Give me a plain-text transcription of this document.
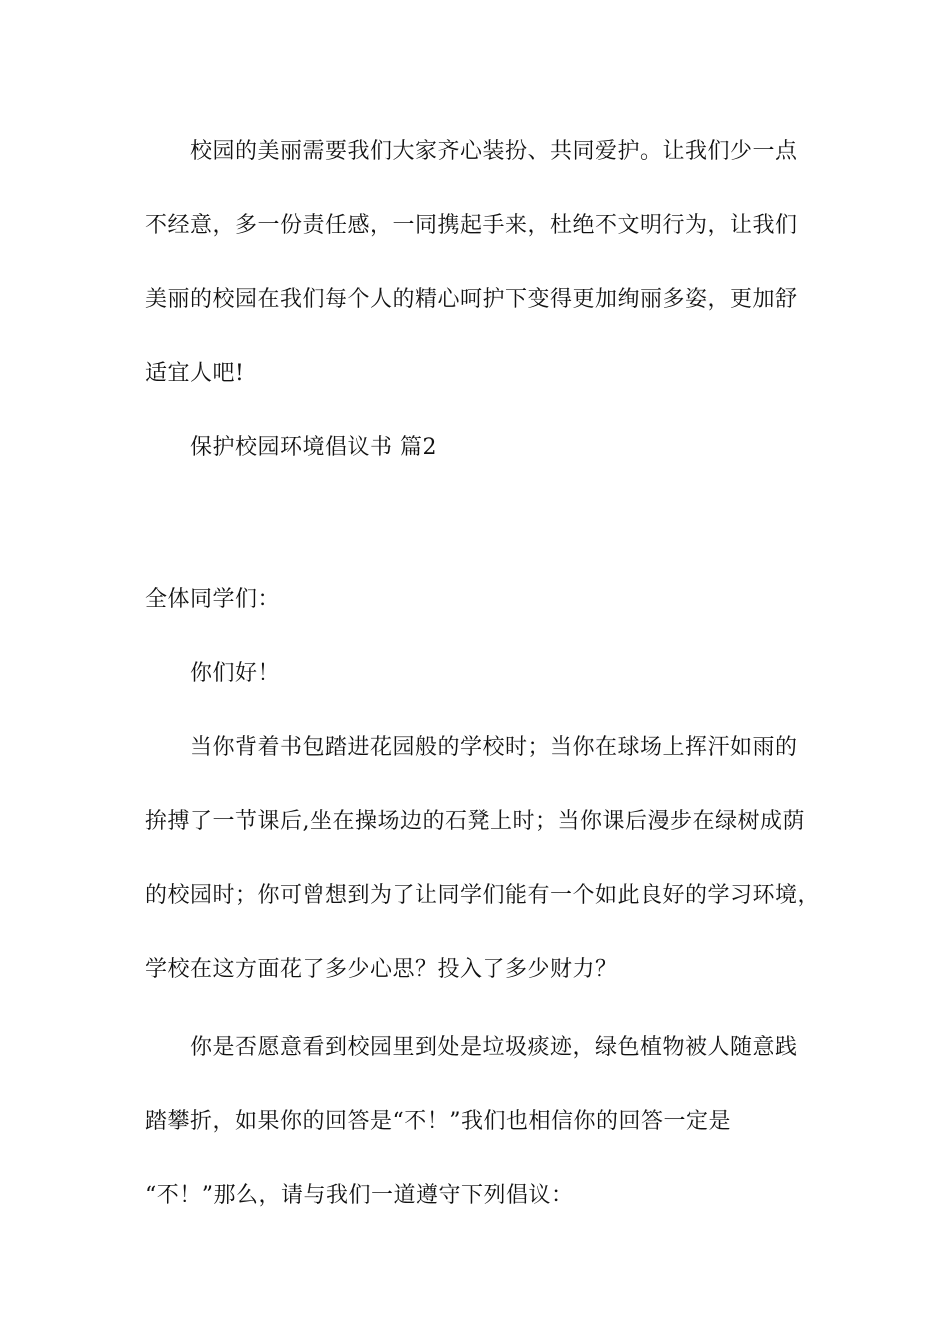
校园的美丽需要我们大家齐心装扮、共同爱护。让我们少一点
不经意，多一份责任感，一同携起手来，杜绝不文明行为，让我们
美丽的校园在我们每个人的精心呵护下变得更加绚丽多姿，更加舒
适宜人吧!
保护校园环境倡议书 篇2
全体同学们：
你们好！
当你背着书包踏进花园般的学校时；当你在球场上挥汗如雨的
拚搏了一节课后,坐在操场边的石凳上时；当你课后漫步在绿树成荫
的校园时；你可曾想到为了让同学们能有一个如此良好的学习环境，
学校在这方面花了多少心思？投入了多少财力？
你是否愿意看到校园里到处是垃圾痰迹，绿色植物被人随意践
踏攀折，如果你的回答是“不！”我们也相信你的回答一定是
“不！”那么，请与我们一道遵守下列倡议：
